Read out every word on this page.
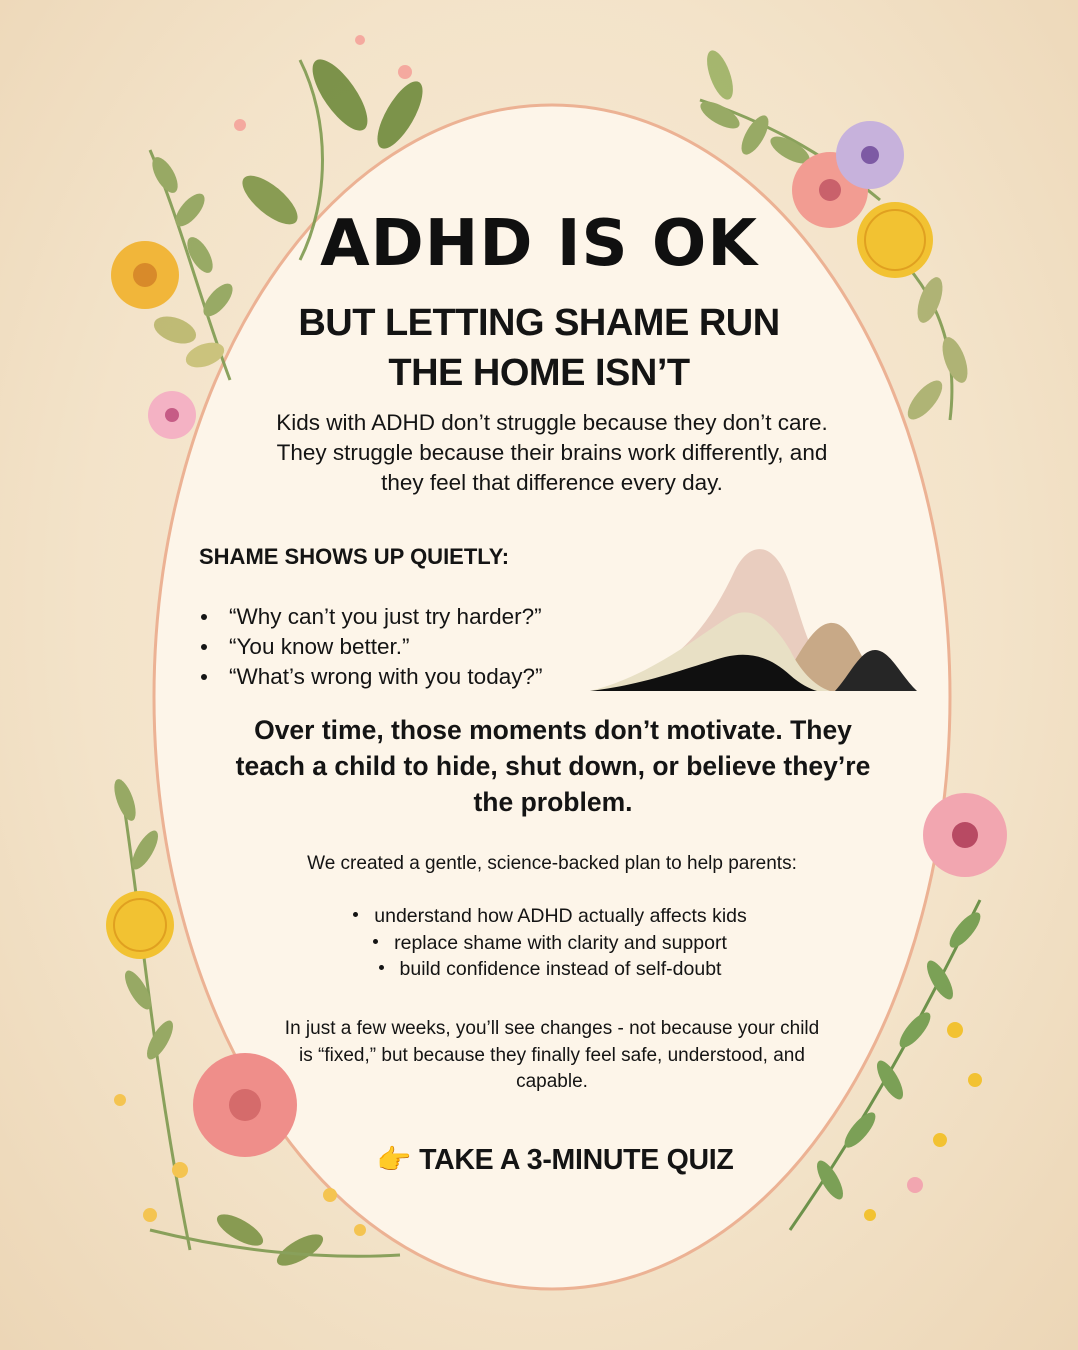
ADHD IS OK
BUT LETTING SHAME RUN THE HOME ISN’T
Kids with ADHD don’t struggle because they don’t care. They struggle because their brains work differently, and they feel that difference every day.
SHAME SHOWS UP QUIETLY:
“Why can’t you just try harder?”
“You know better.”
“What’s wrong with you today?”
Over time, those moments don’t motivate. They teach a child to hide, shut down, or believe they’re the problem.
We created a gentle, science-backed plan to help parents:
understand how ADHD actually affects kids
replace shame with clarity and support
build confidence instead of self-doubt
In just a few weeks, you’ll see changes - not because your child is “fixed,” but because they finally feel safe, understood, and capable.
👉 TAKE A 3-MINUTE QUIZ
